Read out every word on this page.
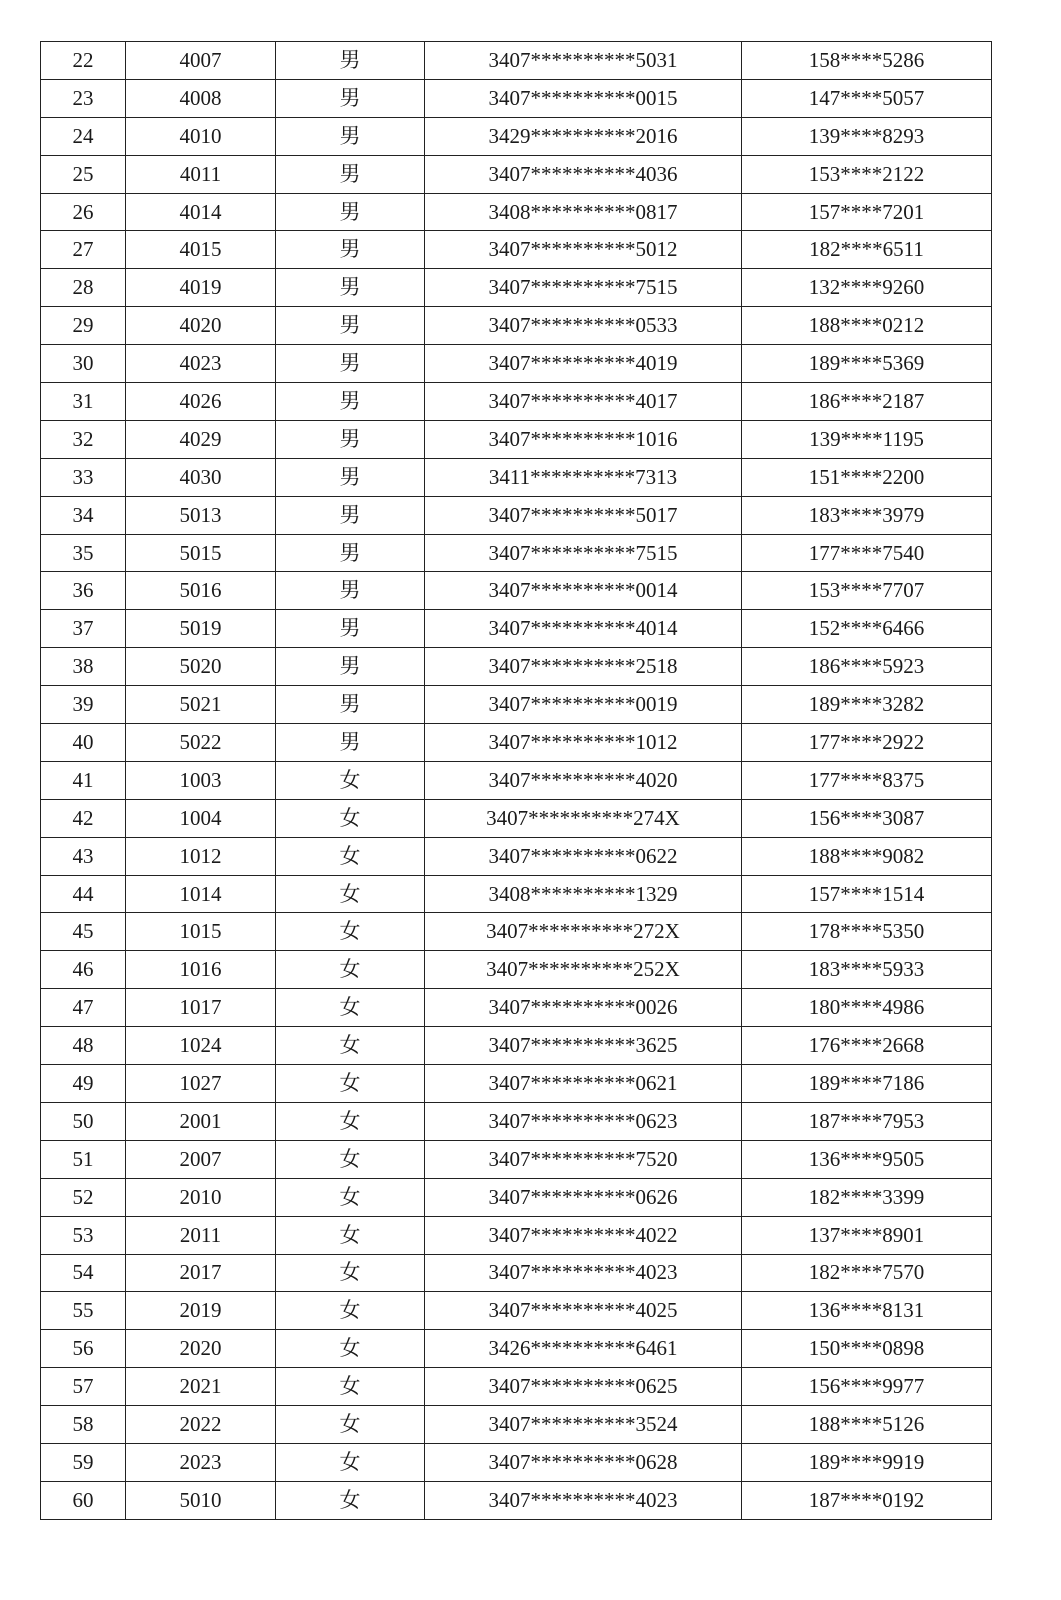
22	4007	男	3407**********5031	158****5286
23	4008	男	3407**********0015	147****5057
24	4010	男	3429**********2016	139****8293
25	4011	男	3407**********4036	153****2122
26	4014	男	3408**********0817	157****7201
27	4015	男	3407**********5012	182****6511
28	4019	男	3407**********7515	132****9260
29	4020	男	3407**********0533	188****0212
30	4023	男	3407**********4019	189****5369
31	4026	男	3407**********4017	186****2187
32	4029	男	3407**********1016	139****1195
33	4030	男	3411**********7313	151****2200
34	5013	男	3407**********5017	183****3979
35	5015	男	3407**********7515	177****7540
36	5016	男	3407**********0014	153****7707
37	5019	男	3407**********4014	152****6466
38	5020	男	3407**********2518	186****5923
39	5021	男	3407**********0019	189****3282
40	5022	男	3407**********1012	177****2922
41	1003	女	3407**********4020	177****8375
42	1004	女	3407**********274X	156****3087
43	1012	女	3407**********0622	188****9082
44	1014	女	3408**********1329	157****1514
45	1015	女	3407**********272X	178****5350
46	1016	女	3407**********252X	183****5933
47	1017	女	3407**********0026	180****4986
48	1024	女	3407**********3625	176****2668
49	1027	女	3407**********0621	189****7186
50	2001	女	3407**********0623	187****7953
51	2007	女	3407**********7520	136****9505
52	2010	女	3407**********0626	182****3399
53	2011	女	3407**********4022	137****8901
54	2017	女	3407**********4023	182****7570
55	2019	女	3407**********4025	136****8131
56	2020	女	3426**********6461	150****0898
57	2021	女	3407**********0625	156****9977
58	2022	女	3407**********3524	188****5126
59	2023	女	3407**********0628	189****9919
60	5010	女	3407**********4023	187****0192
